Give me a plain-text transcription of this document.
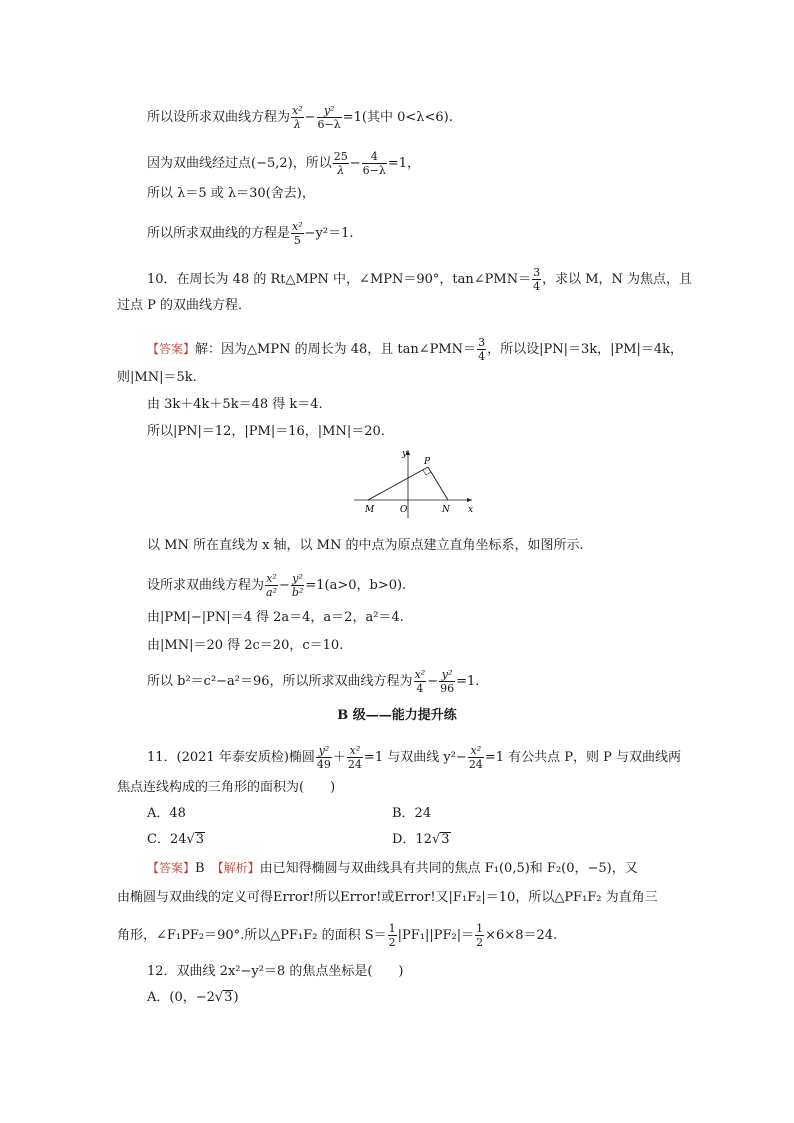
所以设所求双曲线方程为 $\frac{\text{x²}}{\lambda} - \frac{\text{y²}}{6-\lambda} =1$(其中 0<λ<6).
因为双曲线经过点(−5,2)，所以 $\frac{25}{\lambda} - \frac{4}{6-\lambda} =1$，
所以 λ＝5 或 λ＝30(舍去)，
所以所求双曲线的方程是 $\frac{\text{x²}}{5} -y^2=1$.
10．在周长为 48 的 Rt△MPN 中，∠MPN＝90°，tan∠PMN＝ $\frac{3}{4}$ ，求以 M，N 为焦点，且
过点 P 的双曲线方程．
【答案】解：因为△MPN 的周长为 48，且 tan∠PMN＝ $\frac{3}{4}$ ，所以设|PN|＝3k，|PM|＝4k，
则|MN|＝5k.
由 3k＋4k＋5k＝48 得 k＝4.
所以|PN|＝12，|PM|＝16，|MN|＝20.
y
x
P
M	O	N
以 MN 所在直线为 x 轴，以 MN 的中点为原点建立直角坐标系，如图所示.
设所求双曲线方程为 $\frac{\text{x²}}{\text{a²}} - \frac{\text{y²}}{\text{b²}} =1(a>0$，b>0).
由|PM|−|PN|＝4 得 2a＝4，a＝2，a²＝4.
由|MN|＝20 得 2c＝20，c＝10.
所以 b²＝c²−a²＝96，所以所求双曲线方程为 $\frac{\text{x²}}{4} - \frac{\text{y²}}{96} =1$.
B 级——能力提升练
11．(2021 年泰安质检)椭圆 $\frac{\text{y²}}{49} + \frac{\text{x²}}{24} =1$ 与双曲线 $y^2- \frac{\text{x²}}{24} =1$ 有公共点 P，则 P 与双曲线两
焦点连线构成的三角形的面积为(　　)
A．48	B．24
C．24√3	D．12√3
【答案】B　 【解析】由已知得椭圆与双曲线具有共同的焦点 F₁(0,5)和 F₂(0，−5)，又
由椭圆与双曲线的定义可得Error!所以Error!或Error!又|F₁F₂|＝10，所以△PF₁F₂ 为直角三
角形，∠F₁PF₂＝90°.所以△PF₁F₂ 的面积 $S= \frac{1}{2} |PF_1||PF_2|= \frac{1}{2} \times 6\times 8=24$.
12．双曲线 2x²−y²＝8 的焦点坐标是(　　)
A．(0，−2√3)
